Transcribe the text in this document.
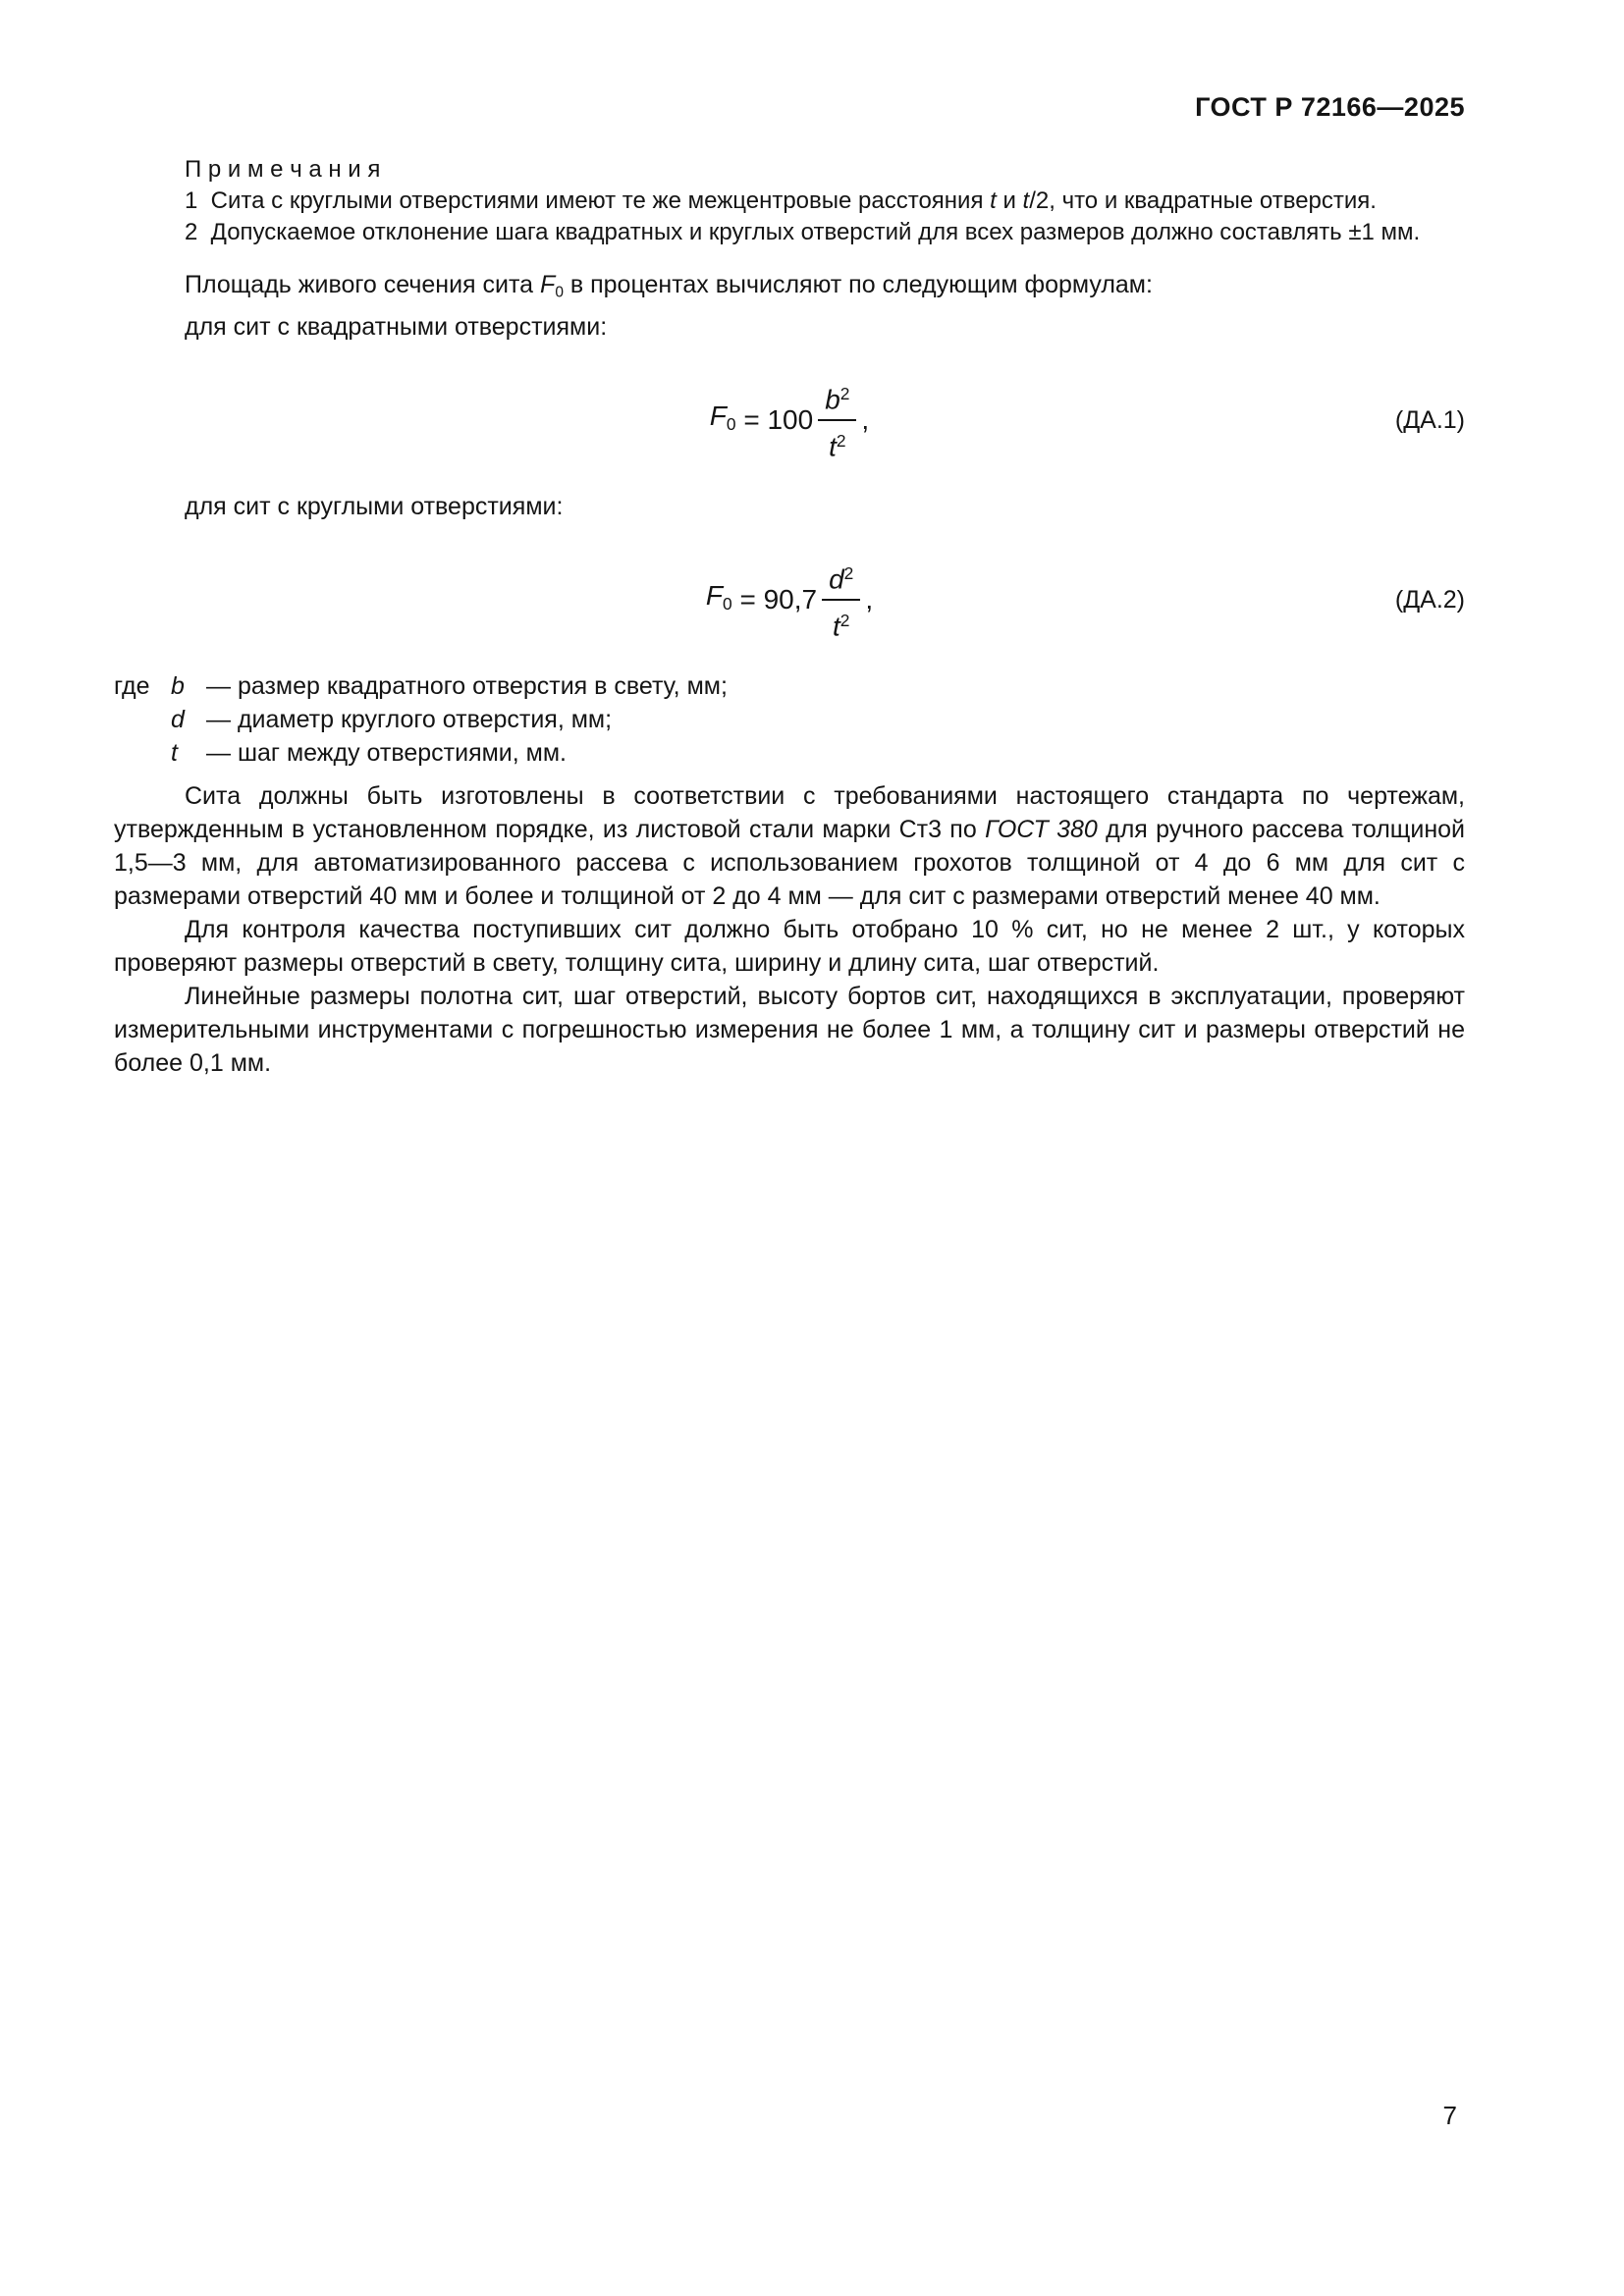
ГОСТ Р 72166—2025

П р и м е ч а н и я

1  Сита с круглыми отверстиями имеют те же межцентровые расстояния t и t/2, что и квадратные отверстия.

2  Допускаемое отклонение шага квадратных и круглых отверстий для всех размеров должно составлять ±1 мм.

Площадь живого сечения сита F0 в процентах вычисляют по следующим формулам:

для сит с квадратными отверстиями:

$F0 = 100 \frac{b^2}{t^2}$ ,	(ДА.1)

для сит с круглыми отверстиями:

$F0 = 90,7 \frac{d^2}{t^2}$ ,	(ДА.2)
где b — размер квадратного отверстия в свету, мм;
d — диаметр круглого отверстия, мм;
t	— шаг между отверстиями, мм.

Сита должны быть изготовлены в соответствии с требованиями настоящего стандарта по чертежам, утвержденным в установленном порядке, из листовой стали марки Ст3 по ГОСТ 380 для ручного рассева толщиной 1,5—3 мм, для автоматизированного рассева с использованием грохотов толщиной от 4 до 6 мм для сит с размерами отверстий 40 мм и более и толщиной от 2 до 4 мм — для сит с размерами отверстий менее 40 мм.

Для контроля качества поступивших сит должно быть отобрано 10 % сит, но не менее 2 шт., у которых проверяют размеры отверстий в свету, толщину сита, ширину и длину сита, шаг отверстий.

Линейные размеры полотна сит, шаг отверстий, высоту бортов сит, находящихся в эксплуатации, проверяют измерительными инструментами с погрешностью измерения не более 1 мм, а толщину сит и размеры отверстий не более 0,1 мм.

7
